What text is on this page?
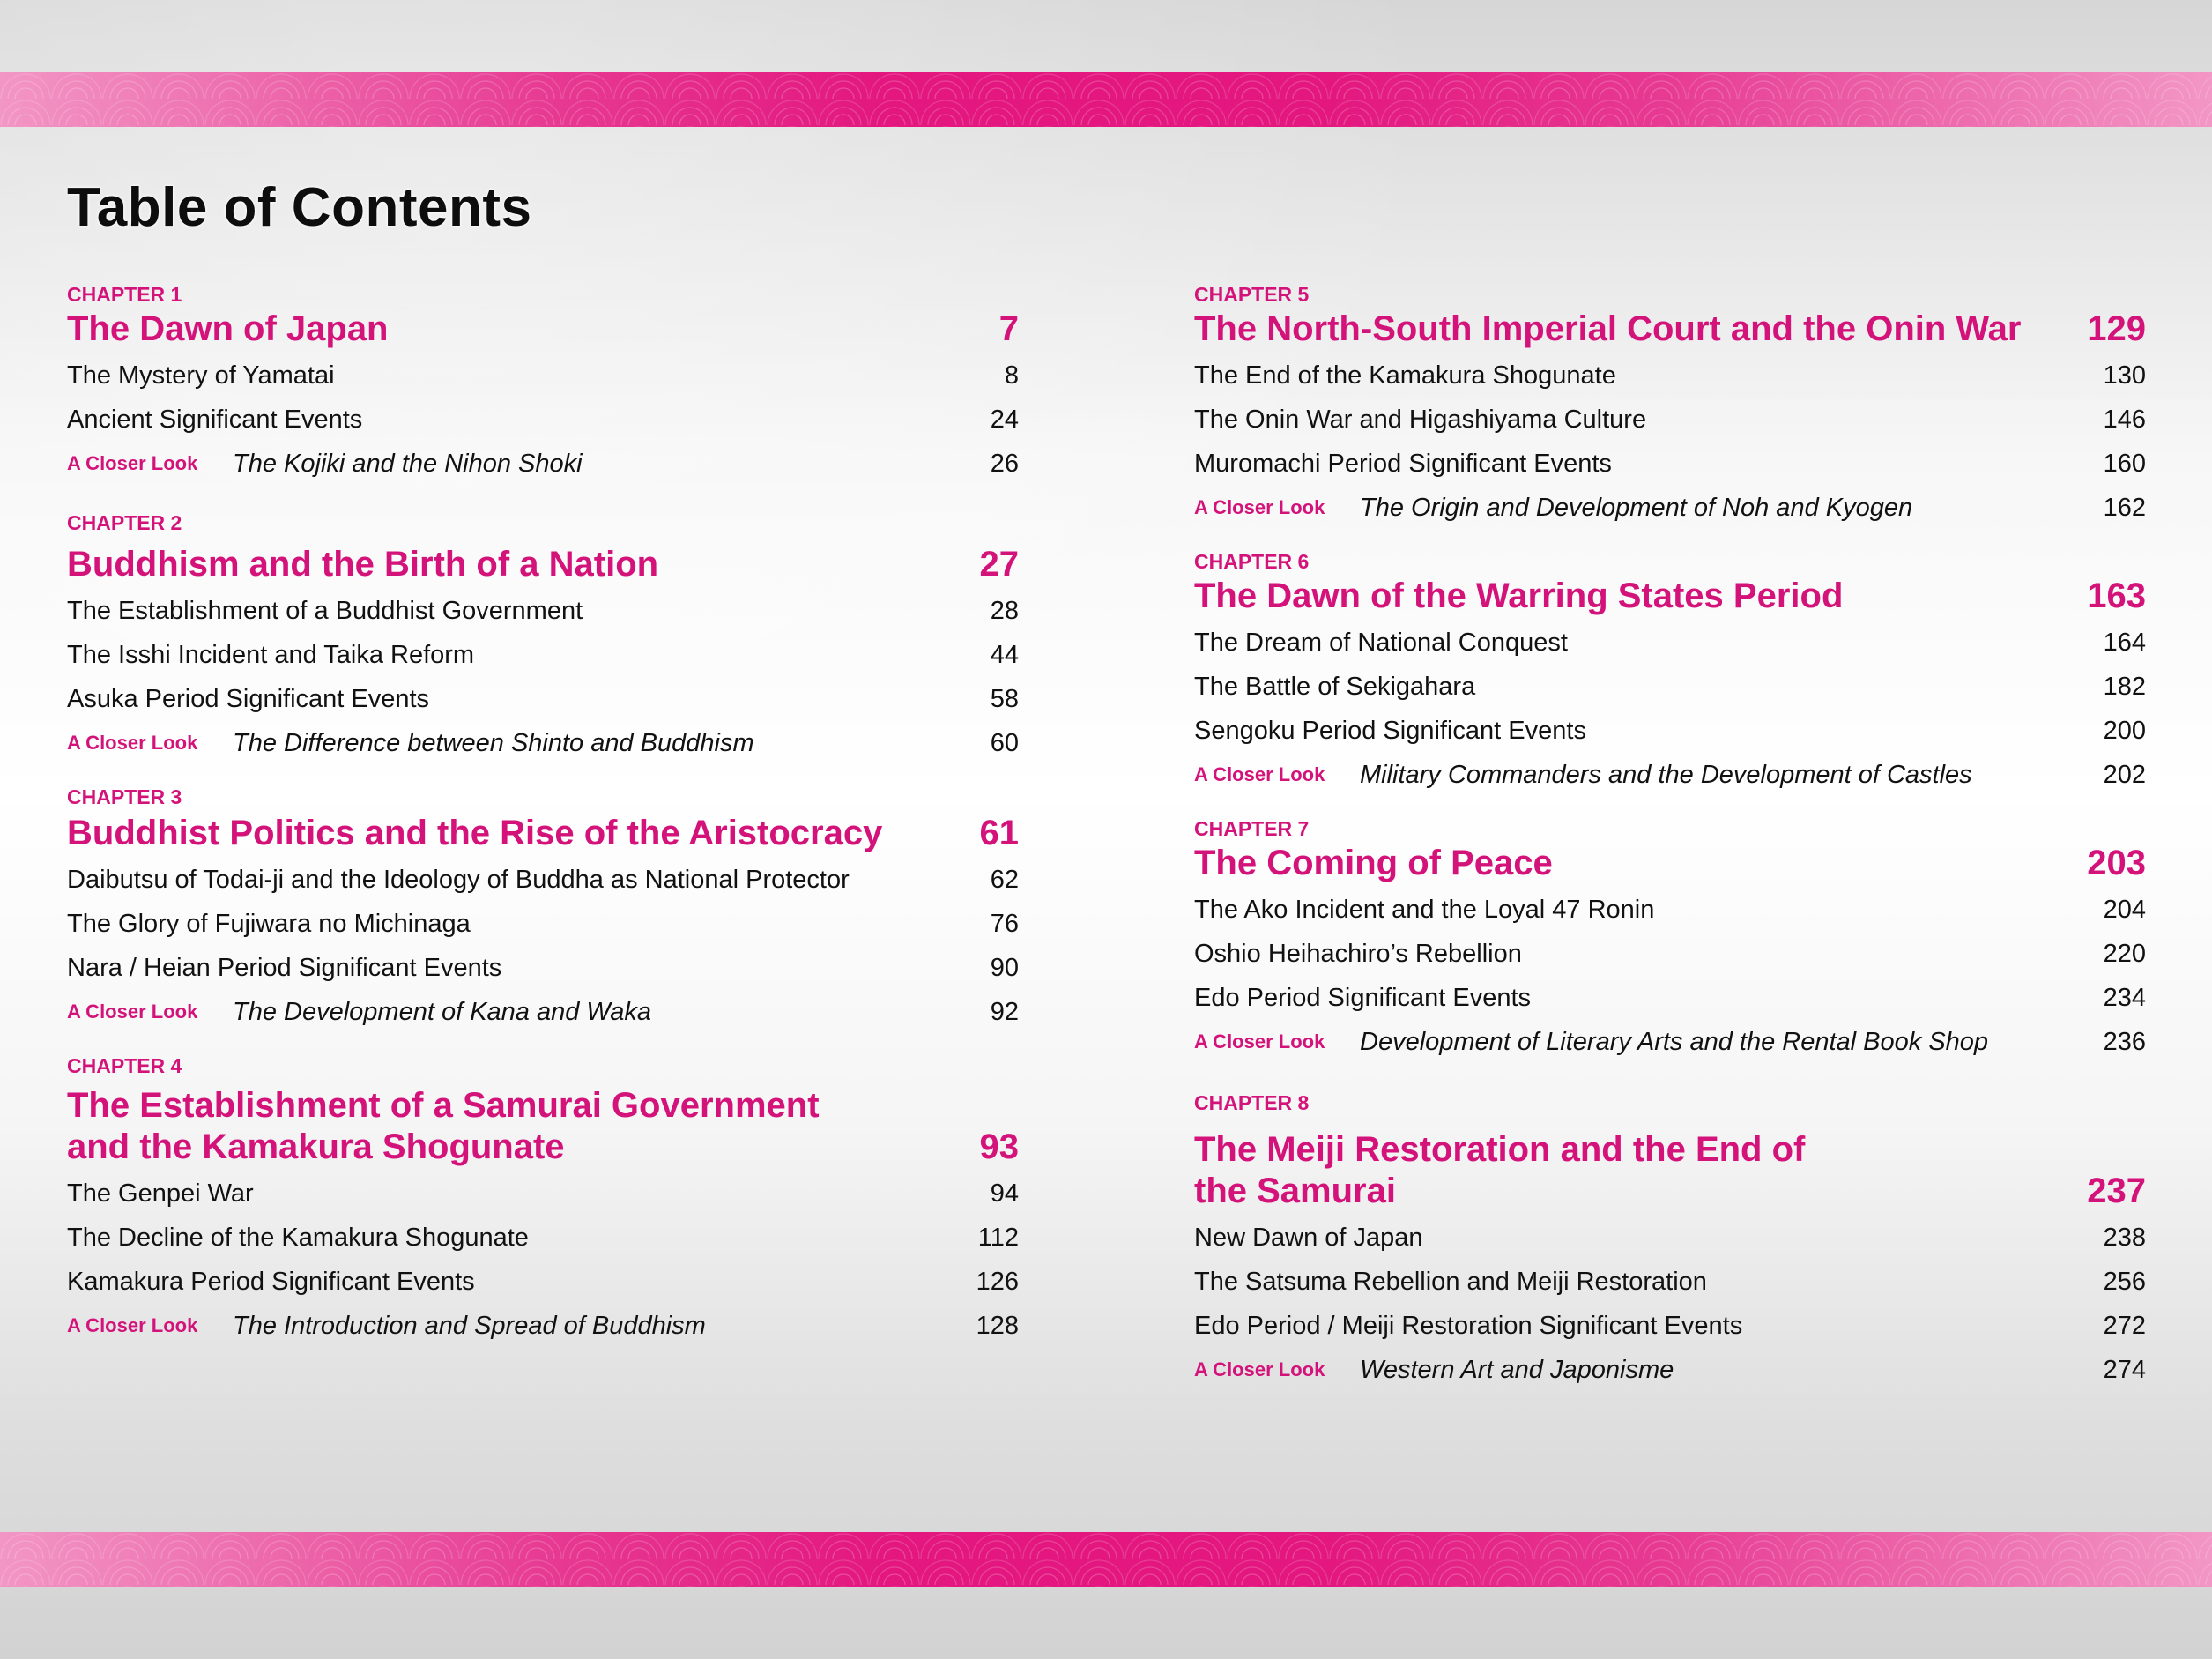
Table of Contents
CHAPTER 1
The Dawn of Japan	7
The Mystery of Yamatai	8
Ancient Significant Events	24
A Closer Look	The Kojiki and the Nihon Shoki	26
CHAPTER 2
Buddhism and the Birth of a Nation	27
The Establishment of a Buddhist Government	28
The Isshi Incident and Taika Reform	44
Asuka Period Significant Events	58
A Closer Look	The Difference between Shinto and Buddhism	60
CHAPTER 3
Buddhist Politics and the Rise of the Aristocracy	61
Daibutsu of Todai-ji and the Ideology of Buddha as National Protector	62
The Glory of Fujiwara no Michinaga	76
Nara / Heian Period Significant Events	90
A Closer Look	The Development of Kana and Waka	92
CHAPTER 4
The Establishment of a Samurai Government
and the Kamakura Shogunate	93
The Genpei War	94
The Decline of the Kamakura Shogunate	112
Kamakura Period Significant Events	126
A Closer Look	The Introduction and Spread of Buddhism	128
CHAPTER 5
The North-South Imperial Court and the Onin War 129
The End of the Kamakura Shogunate	130
The Onin War and Higashiyama Culture	146
Muromachi Period Significant Events	160
A Closer Look	The Origin and Development of Noh and Kyogen	162
CHAPTER 6
The Dawn of the Warring States Period	163
The Dream of National Conquest	164
The Battle of Sekigahara	182
Sengoku Period Significant Events	200
A Closer Look	Military Commanders and the Development of Castles	202
CHAPTER 7
The Coming of Peace	203
The Ako Incident and the Loyal 47 Ronin	204
Oshio Heihachiro’s Rebellion	220
Edo Period Significant Events	234
A Closer Look	Development of Literary Arts and the Rental Book Shop	236
CHAPTER 8
The Meiji Restoration and the End of
the Samurai	237
New Dawn of Japan	238
The Satsuma Rebellion and Meiji Restoration	256
Edo Period / Meiji Restoration Significant Events	272
A Closer Look	Western Art and Japonisme	274
